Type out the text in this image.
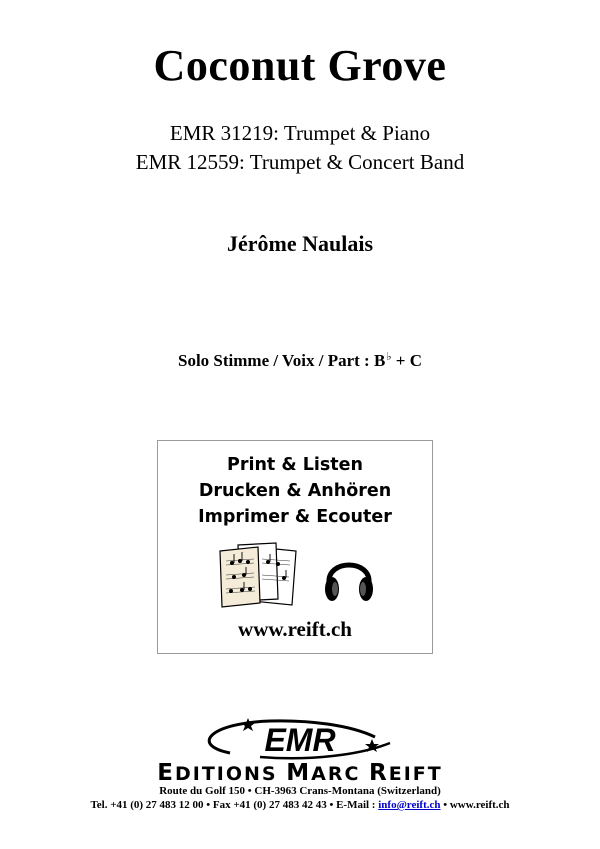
Coconut Grove
EMR 31219: Trumpet & Piano
EMR 12559: Trumpet & Concert Band
Jérôme Naulais
Solo Stimme / Voix / Part : B♭ + C
Print & Listen
Drucken & Anhören
Imprimer & Ecouter
www.reift.ch
EMR
EDITIONS MARC REIFT
Route du Golf 150 • CH-3963 Crans-Montana (Switzerland)
Tel. +41 (0) 27 483 12 00 • Fax +41 (0) 27 483 42 43 • E-Mail : info@reift.ch • www.reift.ch
